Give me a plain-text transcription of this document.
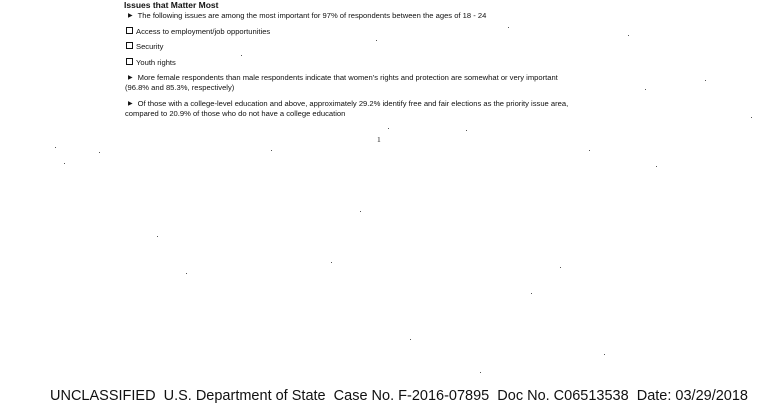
Issues that Matter Most
▶ The following issues are among the most important for 97% of respondents between the ages of 18 - 24
Access to employment/job opportunities
Security
Youth rights
▶ More female respondents than male respondents indicate that women's rights and protection are somewhat or very important
(96.8% and 85.3%, respectively)
▶ Of those with a college-level education and above, approximately 29.2% identify free and fair elections as the priority issue area,
compared to 20.9% of those who do not have a college education
1
UNCLASSIFIED  U.S. Department of State  Case No. F-2016-07895  Doc No. C06513538  Date: 03/29/2018
